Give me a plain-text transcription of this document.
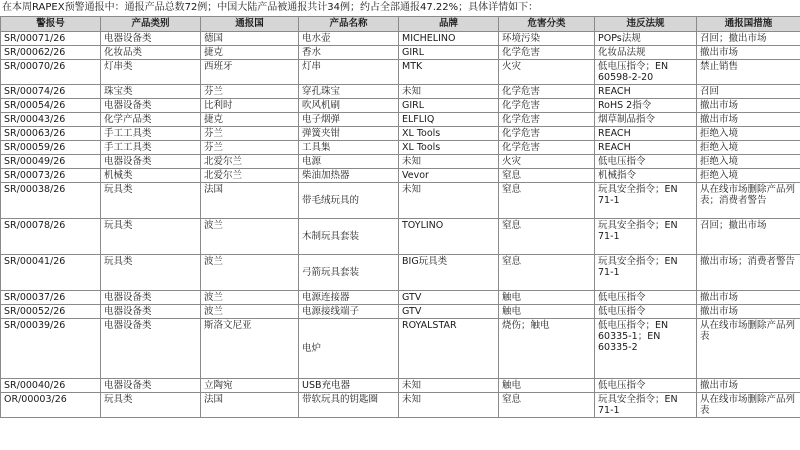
在本周RAPEX预警通报中：通报产品总数72例；中国大陆产品被通报共计34例；约占全部通报47.22%；具体详情如下：
警报号	产品类别	通报国	产品名称	品牌	危害分类	违反法规	通报国措施
SR/00071/26	电器设备类	德国	电水壶	MICHELINO	环境污染	POPs法规	召回；撤出市场
SR/00062/26	化妆品类	捷克	香水	GIRL	化学危害	化妆品法规	撤出市场
SR/00070/26	灯串类	西班牙	灯串	MTK	火灾	低电压指令；EN 60598-2-20	禁止销售
SR/00074/26	珠宝类	芬兰	穿孔珠宝	未知	化学危害	REACH	召回
SR/00054/26	电器设备类	比利时	吹风机刷	GIRL	化学危害	RoHS 2指令	撤出市场
SR/00043/26	化学产品类	捷克	电子烟弹	ELFLIQ	化学危害	烟草制品指令	撤出市场
SR/00063/26	手工工具类	芬兰	弹簧夹钳	XL Tools	化学危害	REACH	拒绝入境
SR/00059/26	手工工具类	芬兰	工具集	XL Tools	化学危害	REACH	拒绝入境
SR/00049/26	电器设备类	北爱尔兰	电源	未知	火灾	低电压指令	拒绝入境
SR/00073/26	机械类	北爱尔兰	柴油加热器	Vevor	窒息	机械指令	拒绝入境
SR/00038/26	玩具类	法国	带毛绒玩具的	未知	窒息	玩具安全指令；EN 71-1	从在线市场删除产品列表；消费者警告
SR/00078/26	玩具类	波兰	木制玩具套装	TOYLINO	窒息	玩具安全指令；EN 71-1	召回；撤出市场
SR/00041/26	玩具类	波兰	弓箭玩具套装	BIG玩具类	窒息	玩具安全指令；EN 71-1	撤出市场；消费者警告
SR/00037/26	电器设备类	波兰	电源连接器	GTV	触电	低电压指令	撤出市场
SR/00052/26	电器设备类	波兰	电源接线端子	GTV	触电	低电压指令	撤出市场
SR/00039/26	电器设备类	斯洛文尼亚	电炉	ROYALSTAR	烧伤；触电	低电压指令；EN 60335-1；EN 60335-2	从在线市场删除产品列表
SR/00040/26	电器设备类	立陶宛	USB充电器	未知	触电	低电压指令	撤出市场
OR/00003/26	玩具类	法国	带软玩具的钥匙圈	未知	窒息	玩具安全指令；EN 71-1	从在线市场删除产品列表
